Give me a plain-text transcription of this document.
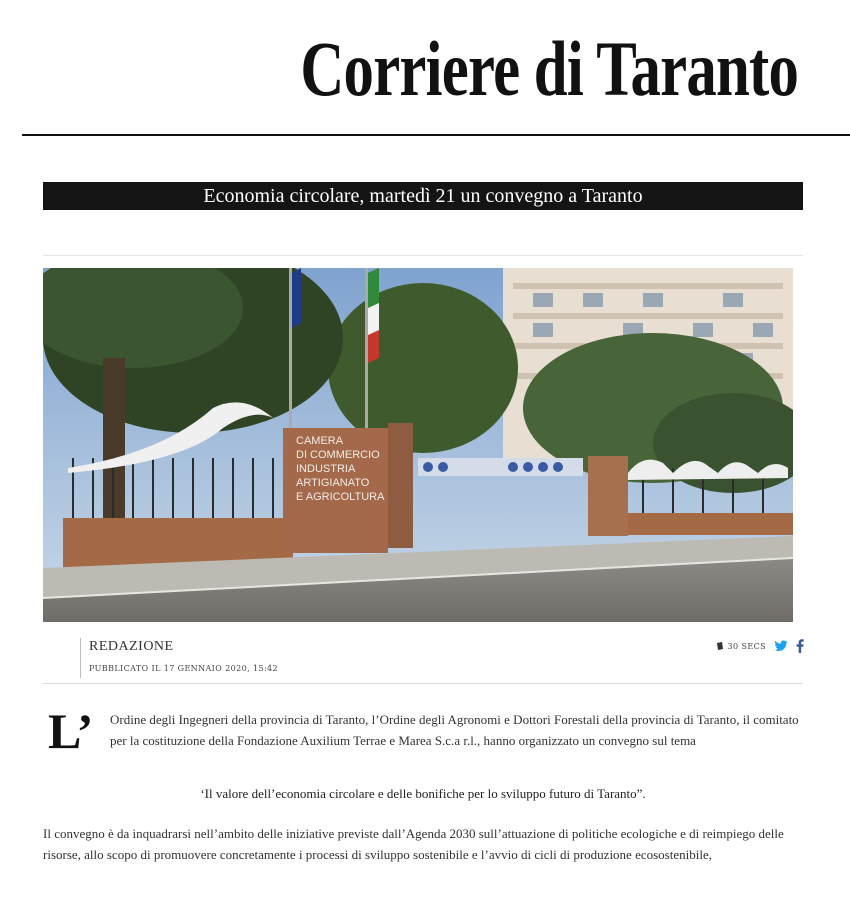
Corriere di Taranto
Economia circolare, martedì 21 un convegno a Taranto
CAMERA
DI COMMERCIO
INDUSTRIA
ARTIGIANATO
E AGRICOLTURA
REDAZIONE
PUBBLICATO IL 17 GENNAIO 2020, 15:42
30 SECS
L’ Ordine degli Ingegneri della provincia di Taranto, l’Ordine degli Agronomi e Dottori Forestali della provincia di Taranto, il comitato per la costituzione della Fondazione Auxilium Terrae e Marea S.c.a r.l., hanno organizzato un convegno sul tema
‘Il valore dell’economia circolare e delle bonifiche per lo sviluppo futuro di Taranto”.
Il convegno è da inquadrarsi nell’ambito delle iniziative previste dall’Agenda 2030 sull’attuazione di politiche ecologiche e di reimpiego delle risorse, allo scopo di promuovere concretamente i processi di sviluppo sostenibile e l’avvio di cicli di produzione ecosostenibile,
